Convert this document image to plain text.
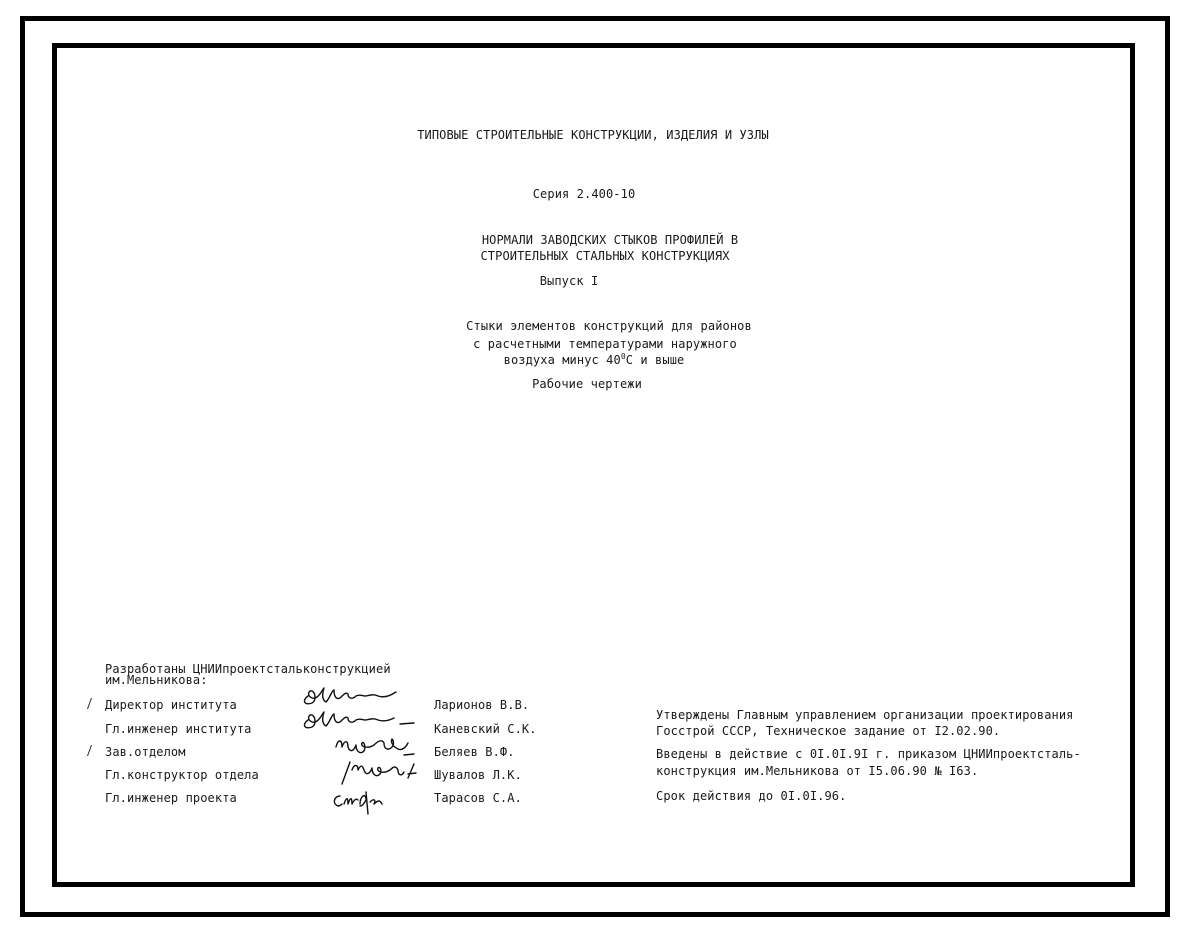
ТИПОВЫЕ СТРОИТЕЛЬНЫЕ КОНСТРУКЦИИ, ИЗДЕЛИЯ И УЗЛЫ
Серия 2.400-10
НОРМАЛИ ЗАВОДСКИХ СТЫКОВ ПРОФИЛЕЙ В
СТРОИТЕЛЬНЫХ СТАЛЬНЫХ КОНСТРУКЦИЯХ
Выпуск I
Стыки элементов конструкций для районов
с расчетными температурами наружного
воздуха минус $40^0С$ и выше
Рабочие чертежи
Разработаны ЦНИИпроектстальконструкцией
им.Мельникова:
Директор института
Гл.инженер института
Зав.отделом
Гл.конструктор отдела
Гл.инженер проекта
Ларионов В.В.
Каневский С.К.
Беляев В.Ф.
Шувалов Л.К.
Тарасов С.А.
Утверждены Главным управлением организации проектирования
Госстрой СССР, Техническое задание от I2.02.90.
Введены в действие с 0I.0I.9I г. приказом ЦНИИпроектсталь-
конструкция им.Мельникова от I5.06.90 № I63.
Срок действия до 0I.0I.96.
